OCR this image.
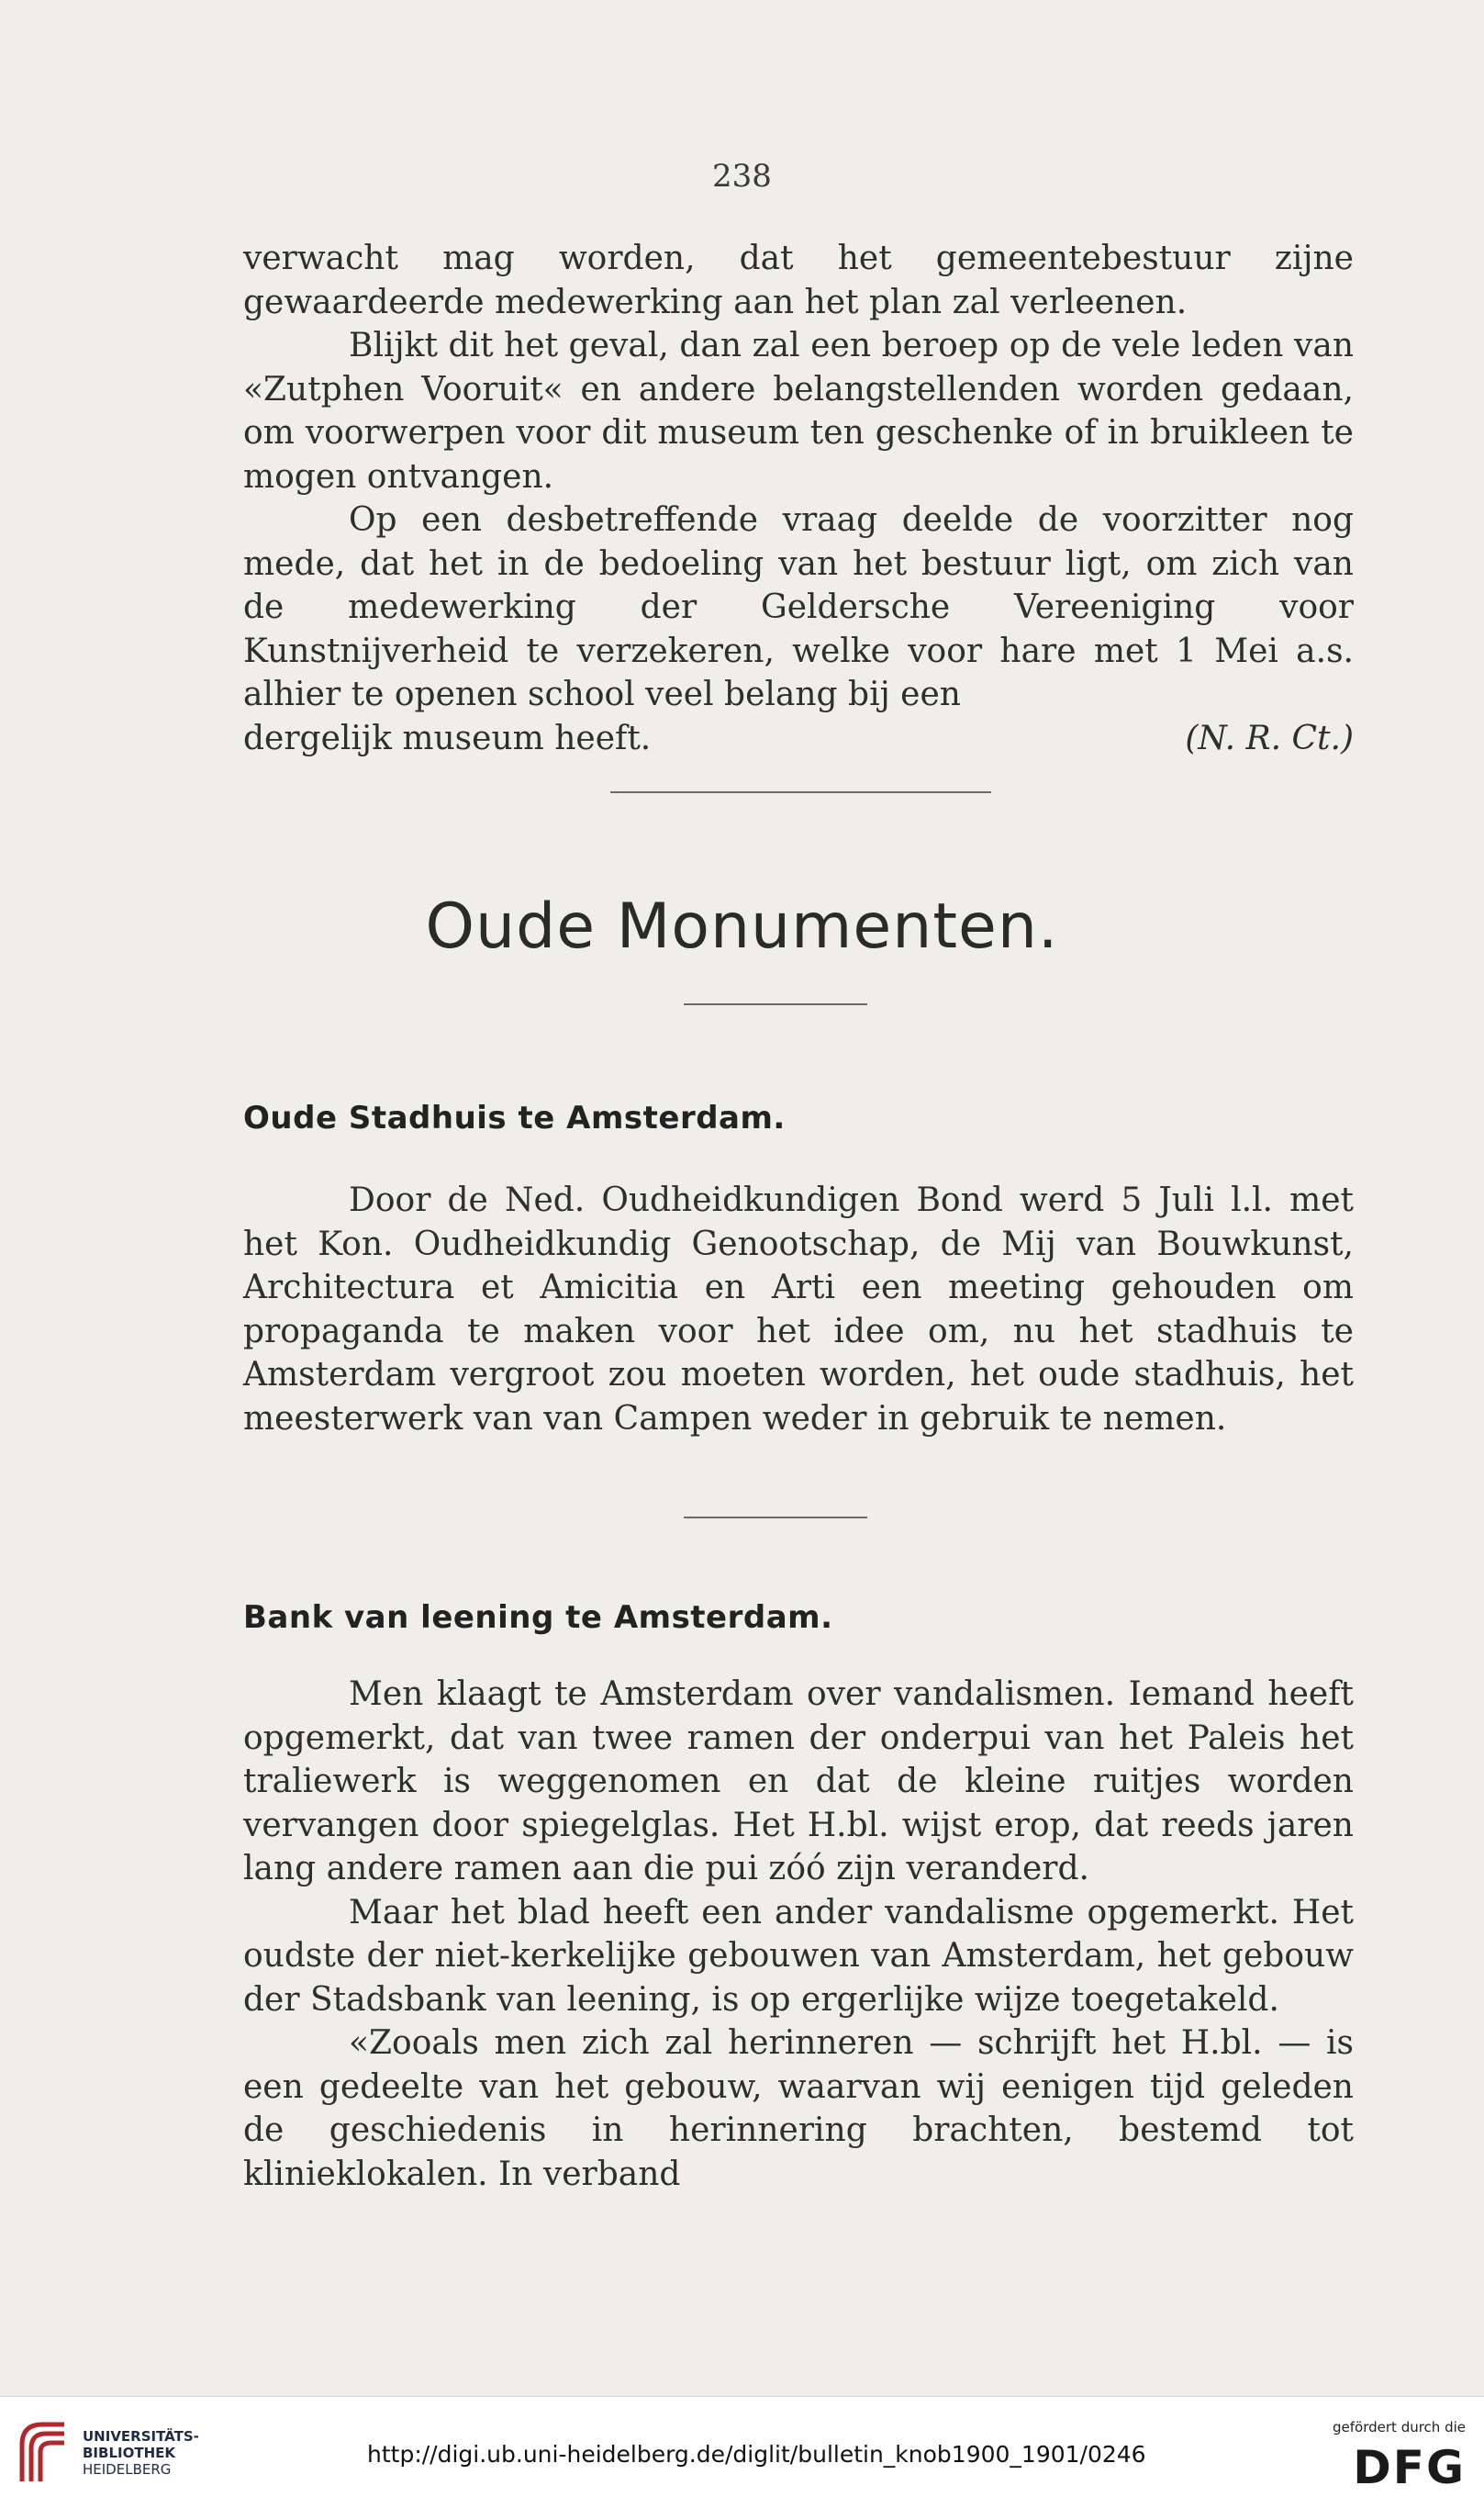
238

verwacht mag worden, dat het gemeentebestuur zijne gewaardeerde medewerking aan het plan zal verleenen.

Blijkt dit het geval, dan zal een beroep op de vele leden van «Zutphen Vooruit« en andere belangstellenden worden gedaan, om voorwerpen voor dit museum ten geschenke of in bruikleen te mogen ontvangen.

Op een desbetreffende vraag deelde de voorzitter nog mede, dat het in de bedoeling van het bestuur ligt, om zich van de medewerking der Geldersche Vereeniging voor Kunstnijverheid te verzekeren, welke voor hare met 1 Mei a.s. alhier te openen school veel belang bij een

dergelijk museum heeft.	(N. R. Ct.)
Oude Monumenten.
Oude Stadhuis te Amsterdam.

Door de Ned. Oudheidkundigen Bond werd 5 Juli l.l. met het Kon. Oudheidkundig Genootschap, de Mij van Bouwkunst, Architectura et Amicitia en Arti een meeting gehouden om propaganda te maken voor het idee om, nu het stadhuis te Amsterdam vergroot zou moeten worden, het oude stadhuis, het meesterwerk van van Campen weder in gebruik te nemen.

Bank van leening te Amsterdam.

Men klaagt te Amsterdam over vandalismen. Iemand heeft opgemerkt, dat van twee ramen der onderpui van het Paleis het traliewerk is weggenomen en dat de kleine ruitjes worden vervangen door spiegelglas. Het H.bl. wijst erop, dat reeds jaren lang andere ramen aan die pui zóó zijn veranderd.

Maar het blad heeft een ander vandalisme opgemerkt. Het oudste der niet-kerkelijke gebouwen van Amsterdam, het gebouw der Stadsbank van leening, is op ergerlijke wijze toegetakeld.

«Zooals men zich zal herinneren — schrijft het H.bl. — is een gedeelte van het gebouw, waarvan wij eenigen tijd geleden de geschiedenis in herinnering brachten, bestemd tot klinieklokalen. In verband

UNIVERSITÄTS-
BIBLIOTHEK
HEIDELBERG
http://digi.ub.uni-heidelberg.de/diglit/bulletin_knob1900_1901/0246
gefördert durch die
DFG
